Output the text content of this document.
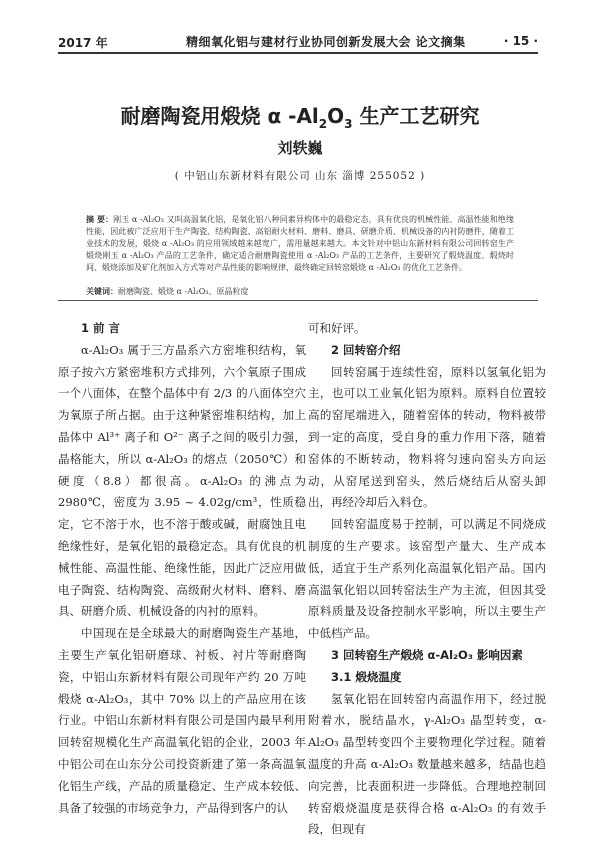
2017 年	精细氧化铝与建材行业协同创新发展大会 论文摘集	· 15 ·
耐磨陶瓷用煅烧 α $-Al_2O_3$ 生产工艺研究
刘轶巍
( 中铝山东新材料有限公司 山东 淄博 255052 )
摘 要：刚玉 α -Al₂O₃ 又叫高温氧化铝，是氧化铝八种同素异构体中的最稳定态，具有优良的机械性能、高温性能和绝缘性能，因此被广泛应用于生产陶瓷、结构陶瓷、高铝耐火材料、磨料、磨具、研磨介质、机械设备的内衬防磨件，随着工业技术的发展，煅烧 α -Al₂O₃ 的应用领域越来越宽广，需用量越来越大。本文针对中铝山东新材料有限公司回转窑生产煅烧刚玉 α -Al₂O₃ 产品的工艺条件，确定适合耐磨陶瓷使用 α -Al₂O₃ 产品的工艺条件，主要研究了煅烧温度、煅烧时间、煅烧添加及矿化剂加入方式等对产品性能的影响规律，最终确定回转窑煅烧 α -Al₂O₃ 的优化工艺条件。
关键词：耐磨陶瓷、煅烧 α -Al₂O₃、原晶粒度

1 前 言

α-Al₂O₃ 属于三方晶系六方密堆积结构，氧原子按六方紧密堆积方式排列，六个氧原子围成一个八面体，在整个晶体中有 2/3 的八面体空穴为氧原子所占据。由于这种紧密堆积结构，加上晶体中 Al³⁺ 离子和 O²⁻ 离子之间的吸引力强，晶格能大，所以 α-Al₂O₃ 的熔点（2050℃）和硬度（8.8）都很高。α-Al₂O₃ 的沸点为 2980℃，密度为 3.95 ~ 4.02g/cm³，性质稳定，它不溶于水，也不溶于酸或碱，耐腐蚀且电绝缘性好，是氧化铝的最稳定态。具有优良的机械性能、高温性能、绝缘性能，因此广泛应用做电子陶瓷、结构陶瓷、高级耐火材料、磨料、磨具、研磨介质、机械设备的内衬的原料。

中国现在是全球最大的耐磨陶瓷生产基地，主要生产氧化铝研磨球、衬板、衬片等耐磨陶瓷，中铝山东新材料有限公司现年产约 20 万吨煅烧 α-Al₂O₃，其中 70% 以上的产品应用在该行业。中铝山东新材料有限公司是国内最早利用回转窑规模化生产高温氧化铝的企业，2003 年中铝公司在山东分公司投资新建了第一条高温氧化铝生产线，产品的质量稳定、生产成本较低、具备了较强的市场竞争力，产品得到客户的认

可和好评。

2 回转窑介绍

回转窑属于连续性窑，原料以氢氧化铝为主，也可以工业氧化铝为原料。原料自位置较高的窑尾端进入，随着窑体的转动，物料被带到一定的高度，受自身的重力作用下落，随着窑体的不断转动，物料将匀速向窑头方向运动，从窑尾送到窑头，然后烧结后从窑头卸出，再经冷却后入料仓。

回转窑温度易于控制，可以满足不同烧成制度的生产要求。该窑型产量大、生产成本低，适宜于生产系列化高温氧化铝产品。国内高温氧化铝以回转窑法生产为主流，但因其受原料质量及设备控制水平影响，所以主要生产中低档产品。

3 回转窑生产煅烧 α-Al₂O₃ 影响因素

3.1 煅烧温度

氢氧化铝在回转窑内高温作用下，经过脱附着水，脱结晶水，γ-Al₂O₃ 晶型转变，α-Al₂O₃ 晶型转变四个主要物理化学过程。随着温度的升高 α-Al₂O₃ 数量越来越多，结晶也趋向完善，比表面积进一步降低。合理地控制回转窑煅烧温度是获得合格 α-Al₂O₃ 的有效手段，但现有
